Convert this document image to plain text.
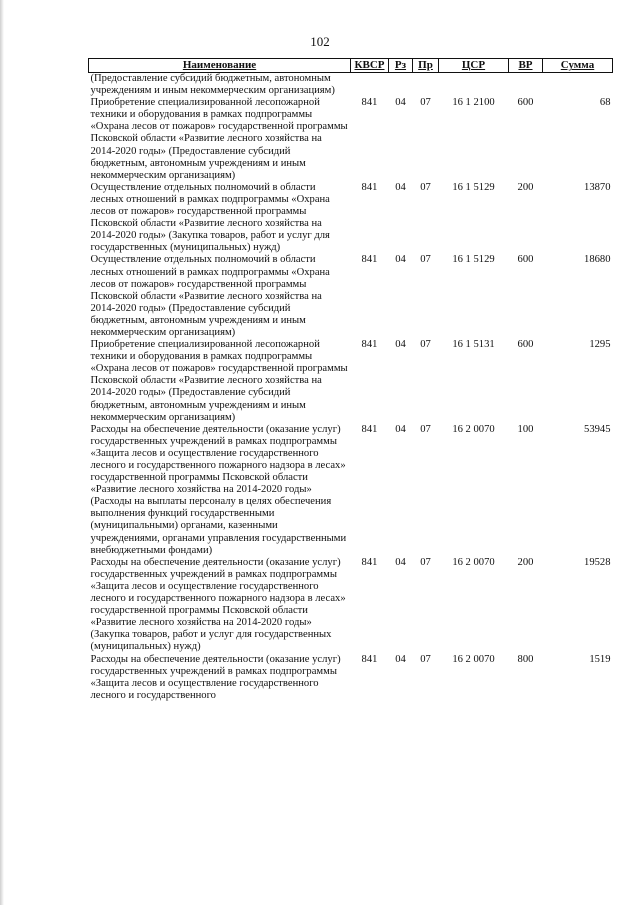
102
Наименование	КВСР	Рз	Пр	ЦСР	ВР	Сумма
(Предоставление субсидий бюджетным, автономным учреждениям и иным некоммерческим организациям)						
Приобретение специализированной лесопожарной техники и оборудования в рамках подпрограммы «Охрана лесов от пожаров» государственной программы Псковской области «Развитие лесного хозяйства на 2014-2020 годы» (Предоставление субсидий бюджетным, автономным учреждениям и иным некоммерческим организациям)	841	04	07	16 1 2100	600	68
Осуществление отдельных полномочий в области лесных отношений в рамках подпрограммы «Охрана лесов от пожаров» государственной программы Псковской области «Развитие лесного хозяйства на 2014-2020 годы» (Закупка товаров, работ и услуг для государственных (муниципальных) нужд)	841	04	07	16 1 5129	200	13870
Осуществление отдельных полномочий в области лесных отношений в рамках подпрограммы «Охрана лесов от пожаров» государственной программы Псковской области «Развитие лесного хозяйства на 2014-2020 годы» (Предоставление субсидий бюджетным, автономным учреждениям и иным некоммерческим организациям)	841	04	07	16 1 5129	600	18680
Приобретение специализированной лесопожарной техники и оборудования в рамках подпрограммы «Охрана лесов от пожаров» государственной программы Псковской области «Развитие лесного хозяйства на 2014-2020 годы» (Предоставление субсидий бюджетным, автономным учреждениям и иным некоммерческим организациям)	841	04	07	16 1 5131	600	1295
Расходы на обеспечение деятельности (оказание услуг) государственных учреждений в рамках подпрограммы «Защита лесов и осуществление государственного лесного и государственного пожарного надзора в лесах» государственной программы Псковской области «Развитие лесного хозяйства на 2014-2020 годы» (Расходы на выплаты персоналу в целях обеспечения выполнения функций государственными (муниципальными) органами, казенными учреждениями, органами управления государственными внебюджетными фондами)	841	04	07	16 2 0070	100	53945
Расходы на обеспечение деятельности (оказание услуг) государственных учреждений в рамках подпрограммы «Защита лесов и осуществление государственного лесного и государственного пожарного надзора в лесах» государственной программы Псковской области «Развитие лесного хозяйства на 2014-2020 годы» (Закупка товаров, работ и услуг для государственных (муниципальных) нужд)	841	04	07	16 2 0070	200	19528
Расходы на обеспечение деятельности (оказание услуг) государственных учреждений в рамках подпрограммы «Защита лесов и осуществление государственного лесного и государственного	841	04	07	16 2 0070	800	1519
